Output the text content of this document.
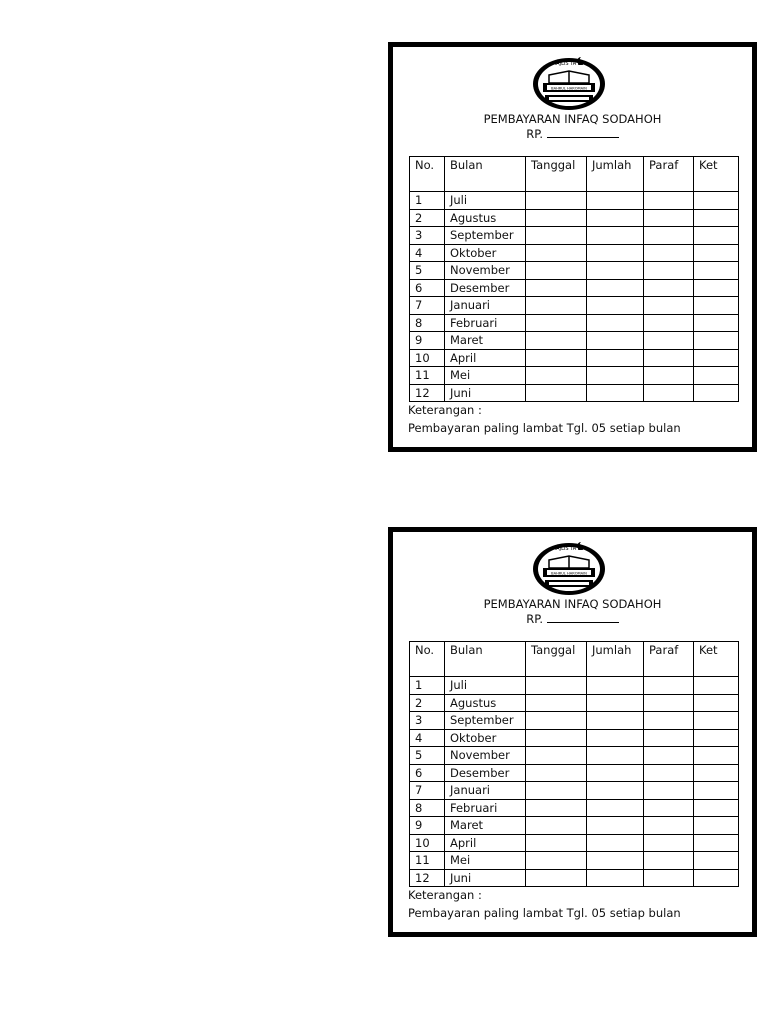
MAJLIS TA'LIM
BAHRUL HAROMAIN
PEMBAYARAN INFAQ SODAHOH
RP.
No.	Bulan	Tanggal	Jumlah	Paraf	Ket
1	Juli				
2	Agustus				
3	September				
4	Oktober				
5	November				
6	Desember				
7	Januari				
8	Februari				
9	Maret				
10	April				
11	Mei				
12	Juni				
Keterangan :
Pembayaran paling lambat Tgl. 05 setiap bulan
MAJLIS TA'LIM
BAHRUL HAROMAIN
PEMBAYARAN INFAQ SODAHOH
RP.
No.	Bulan	Tanggal	Jumlah	Paraf	Ket
1	Juli				
2	Agustus				
3	September				
4	Oktober				
5	November				
6	Desember				
7	Januari				
8	Februari				
9	Maret				
10	April				
11	Mei				
12	Juni				
Keterangan :
Pembayaran paling lambat Tgl. 05 setiap bulan
